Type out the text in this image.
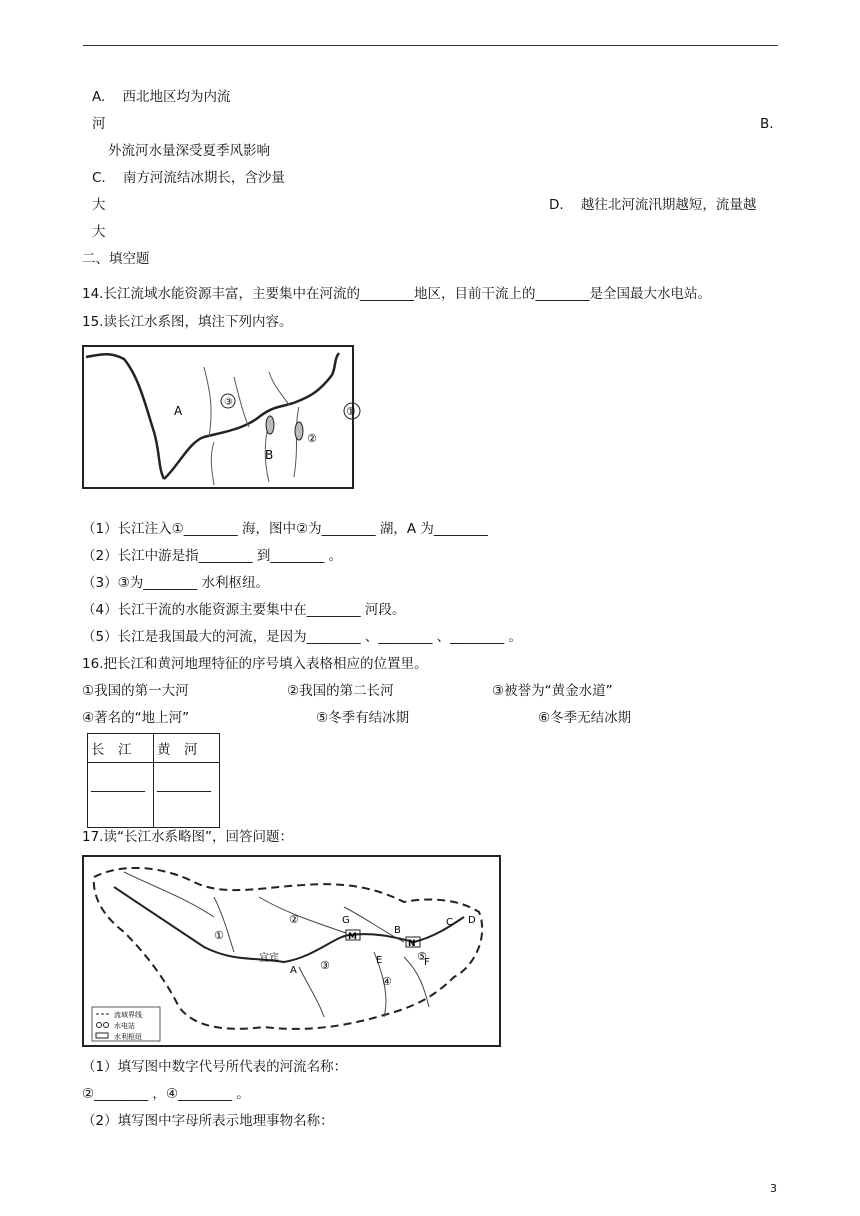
A. 西北地区均为内流
河	B.
外流河水量深受夏季风影响
C. 南方河流结冰期长，含沙量
大	D. 越往北河流汛期越短，流量越
大
二、填空题
14.长江流域水能资源丰富，主要集中在河流的________地区，目前干流上的________是全国最大水电站。
15.读长江水系图，填注下列内容。
③
①
②
A
B
（1）长江注入①________ 海，图中②为________ 湖，A 为________
（2）长江中游是指________ 到________ 。
（3）③为________ 水利枢纽。
（4）长江干流的水能资源主要集中在________ 河段。
（5）长江是我国最大的河流，是因为________ 、________ 、________ 。
16.把长江和黄河地理特征的序号填入表格相应的位置里。
①我国的第一大河	②我国的第二长河	③被誉为“黄金水道”
④著名的“地上河”	⑤冬季有结冰期	⑥冬季无结冰期
长　江	黄　河
________	________
17.读“长江水系略图”，回答问题：
①
②
③
④
⑤
宜宾
A
B
C D
E	F
G
M
N
流域界线
水电站
水利枢纽
（1）填写图中数字代号所代表的河流名称：
②________ ，④________ 。
（2）填写图中字母所表示地理事物名称：
3
